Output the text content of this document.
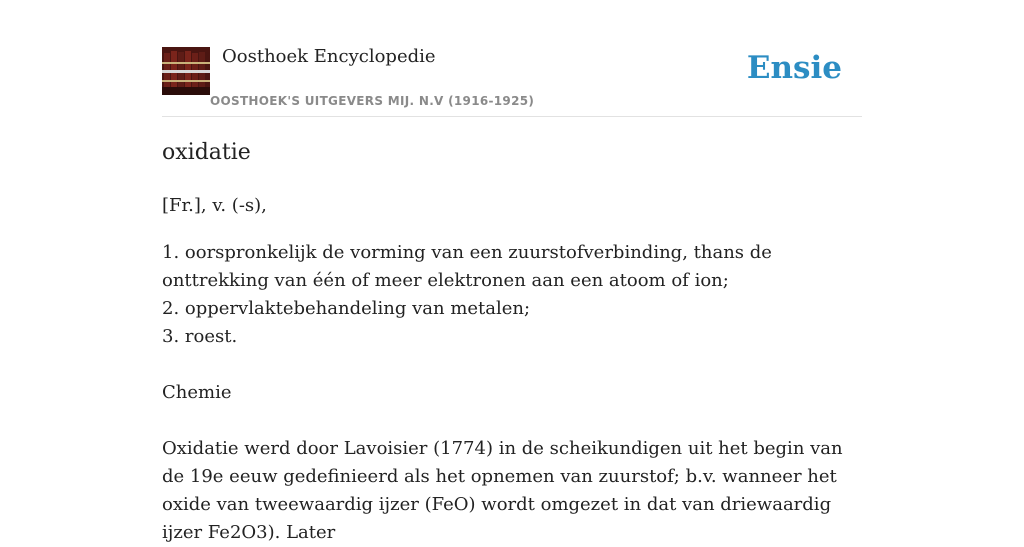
Oosthoek Encyclopedie
OOSTHOEK'S UITGEVERS MIJ. N.V (1916-1925)
Ensie
oxidatie

[Fr.], v. (-s),

1. oorspronkelijk de vorming van een zuurstofverbinding, thans de onttrekking van één of meer elektronen aan een atoom of ion;

2. oppervlaktebehandeling van metalen;

3. roest.

Chemie

Oxidatie werd door Lavoisier (1774) in de scheikundigen uit het begin van de 19e eeuw gedefinieerd als het opnemen van zuurstof; b.v. wanneer het oxide van tweewaardig ijzer (FeO) wordt omgezet in dat van driewaardig ijzer Fe2O3). Later
